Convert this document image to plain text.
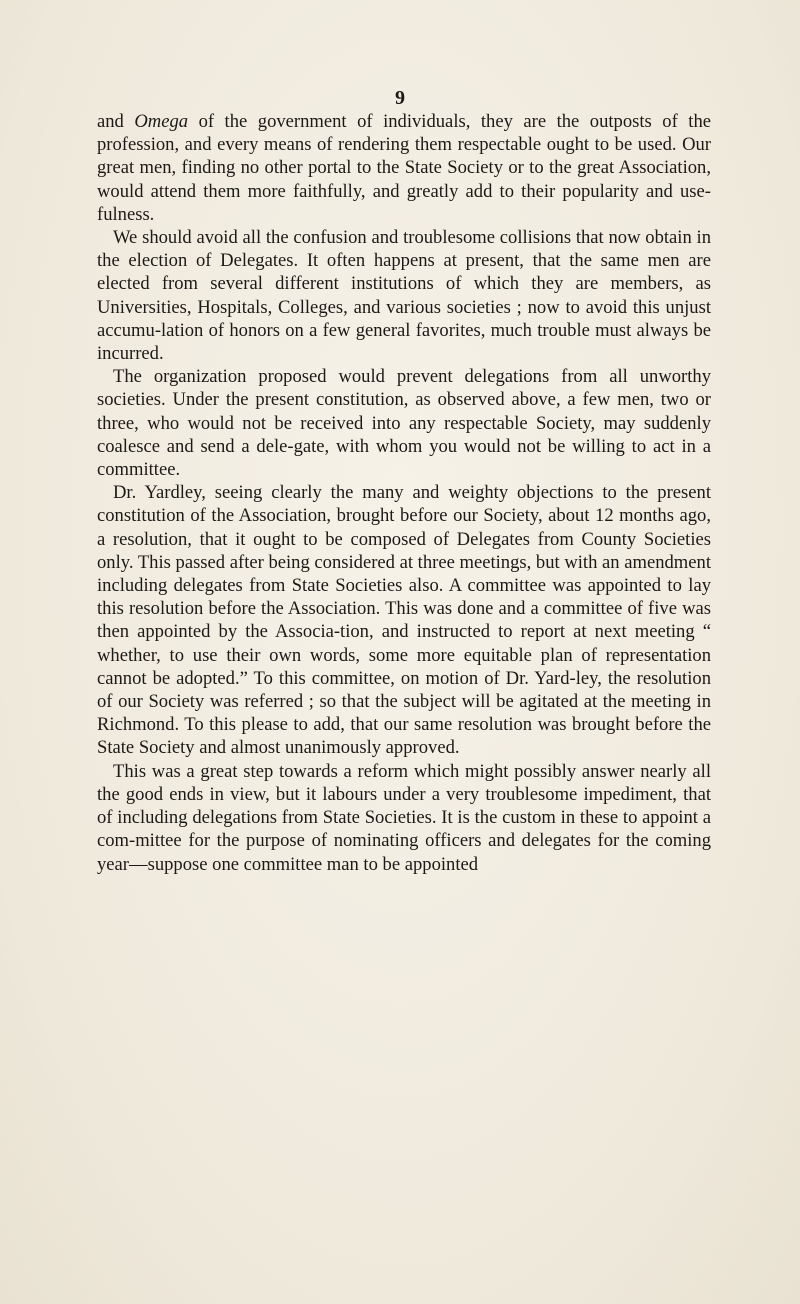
9

and Omega of the government of individuals, they are the outposts of the profession, and every means of rendering them respectable ought to be used. Our great men, finding no other portal to the State Society or to the great Association, would attend them more faithfully, and greatly add to their popularity and use-fulness.

We should avoid all the confusion and troublesome collisions that now obtain in the election of Delegates. It often happens at present, that the same men are elected from several different institutions of which they are members, as Universities, Hospitals, Colleges, and various societies ; now to avoid this unjust accumu-lation of honors on a few general favorites, much trouble must always be incurred.

The organization proposed would prevent delegations from all unworthy societies. Under the present constitution, as observed above, a few men, two or three, who would not be received into any respectable Society, may suddenly coalesce and send a dele-gate, with whom you would not be willing to act in a committee.

Dr. Yardley, seeing clearly the many and weighty objections to the present constitution of the Association, brought before our Society, about 12 months ago, a resolution, that it ought to be composed of Delegates from County Societies only. This passed after being considered at three meetings, but with an amendment including delegates from State Societies also. A committee was appointed to lay this resolution before the Association. This was done and a committee of five was then appointed by the Associa-tion, and instructed to report at next meeting “ whether, to use their own words, some more equitable plan of representation cannot be adopted.” To this committee, on motion of Dr. Yard-ley, the resolution of our Society was referred ; so that the subject will be agitated at the meeting in Richmond. To this please to add, that our same resolution was brought before the State Society and almost unanimously approved.

This was a great step towards a reform which might possibly answer nearly all the good ends in view, but it labours under a very troublesome impediment, that of including delegations from State Societies. It is the custom in these to appoint a com-mittee for the purpose of nominating officers and delegates for the coming year—suppose one committee man to be appointed
